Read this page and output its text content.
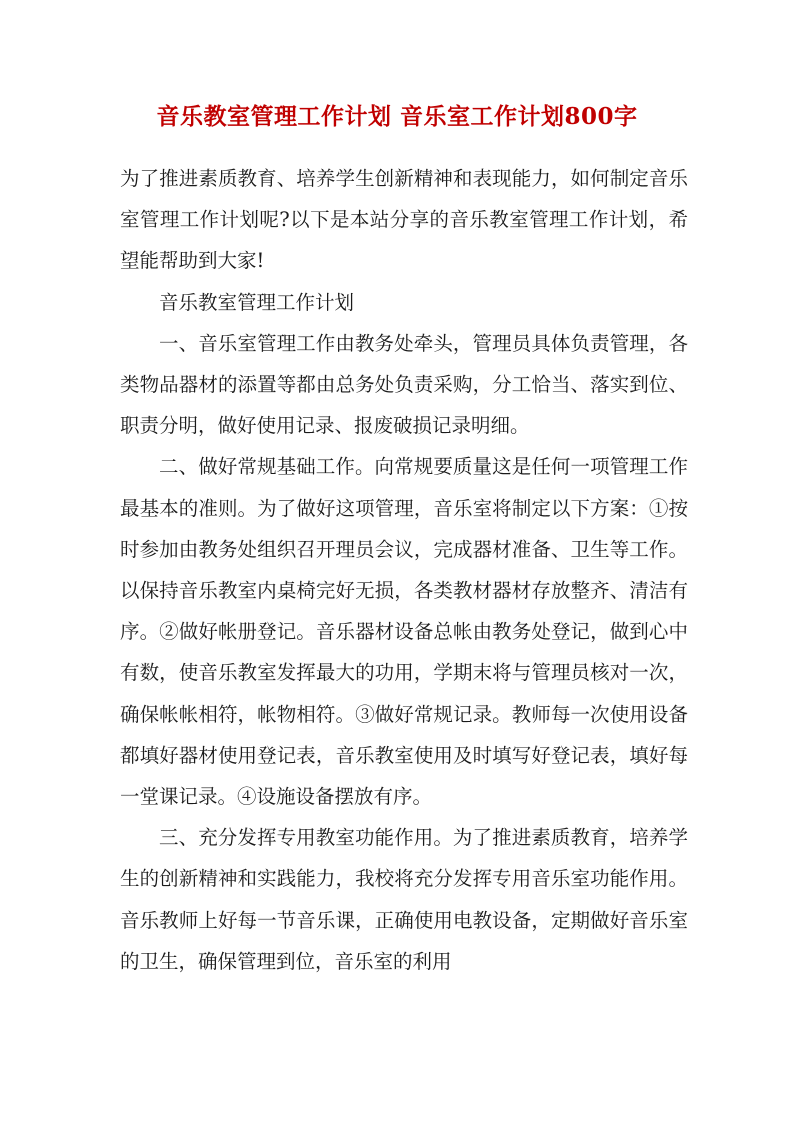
音乐教室管理工作计划 音乐室工作计划800字

为了推进素质教育、培养学生创新精神和表现能力，如何制定音乐室管理工作计划呢?以下是本站分享的音乐教室管理工作计划，希望能帮助到大家!

音乐教室管理工作计划

一、音乐室管理工作由教务处牵头，管理员具体负责管理，各类物品器材的添置等都由总务处负责采购，分工恰当、落实到位、职责分明，做好使用记录、报废破损记录明细。

二、做好常规基础工作。向常规要质量这是任何一项管理工作最基本的准则。为了做好这项管理，音乐室将制定以下方案：①按时参加由教务处组织召开理员会议，完成器材准备、卫生等工作。以保持音乐教室内桌椅完好无损，各类教材器材存放整齐、清洁有序。②做好帐册登记。音乐器材设备总帐由教务处登记，做到心中有数，使音乐教室发挥最大的功用，学期末将与管理员核对一次，确保帐帐相符，帐物相符。③做好常规记录。教师每一次使用设备都填好器材使用登记表，音乐教室使用及时填写好登记表，填好每一堂课记录。④设施设备摆放有序。

三、充分发挥专用教室功能作用。为了推进素质教育，培养学生的创新精神和实践能力，我校将充分发挥专用音乐室功能作用。音乐教师上好每一节音乐课，正确使用电教设备，定期做好音乐室的卫生，确保管理到位，音乐室的利用
